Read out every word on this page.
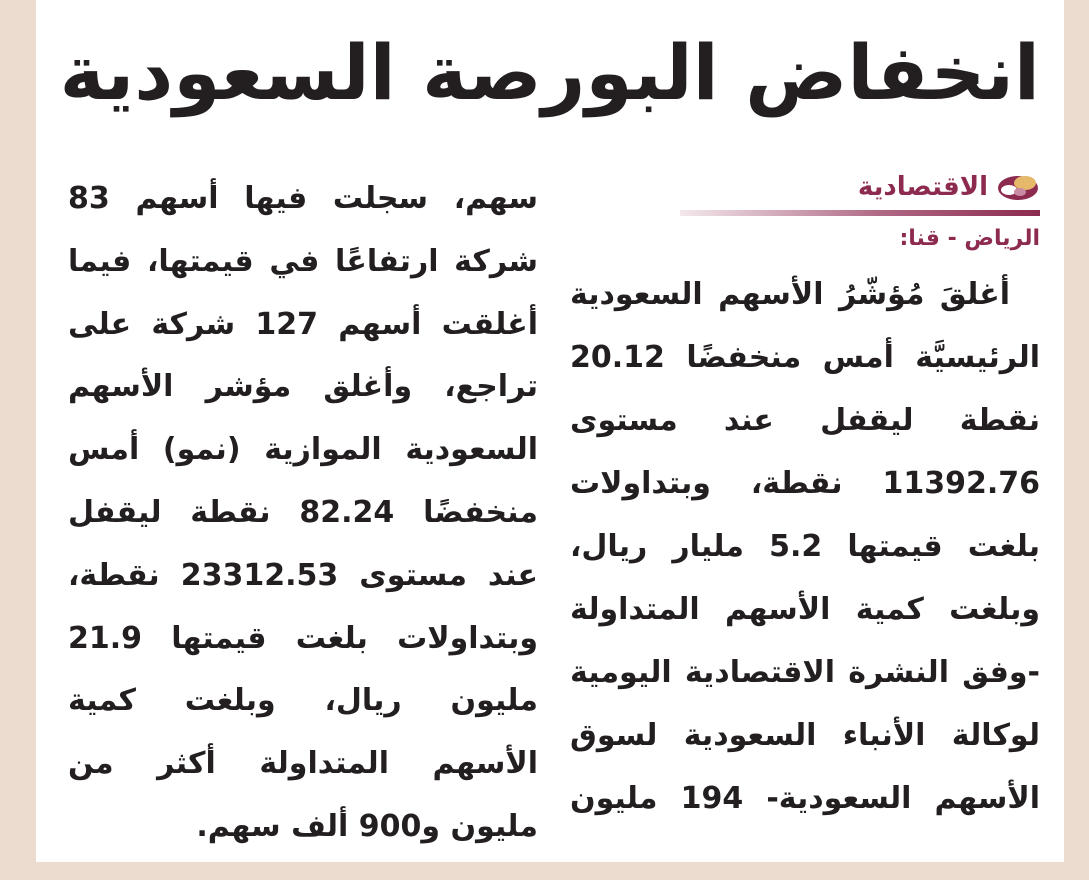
انخفاض البورصة السعودية
الاقتصادية
الرياض - قنا:

أغلقَ مُؤشّرُ الأسهم السعودية

الرئيسيَّة أمس منخفضًا 20.12

نقطة ليقفل عند مستوى

11392.76 نقطة، وبتداولات

بلغت قيمتها 5.2 مليار ريال،

وبلغت كمية الأسهم المتداولة

-وفق النشرة الاقتصادية اليومية

لوكالة الأنباء السعودية لسوق

الأسهم السعودية- 194 مليون

سهم، سجلت فيها أسهم 83

شركة ارتفاعًا في قيمتها، فيما

أغلقت أسهم 127 شركة على

تراجع، وأغلق مؤشر الأسهم

السعودية الموازية (نمو) أمس

منخفضًا 82.24 نقطة ليقفل

عند مستوى 23312.53 نقطة،

وبتداولات بلغت قيمتها 21.9

مليون ريال، وبلغت كمية

الأسهم المتداولة أكثر من

مليون و900 ألف سهم.
